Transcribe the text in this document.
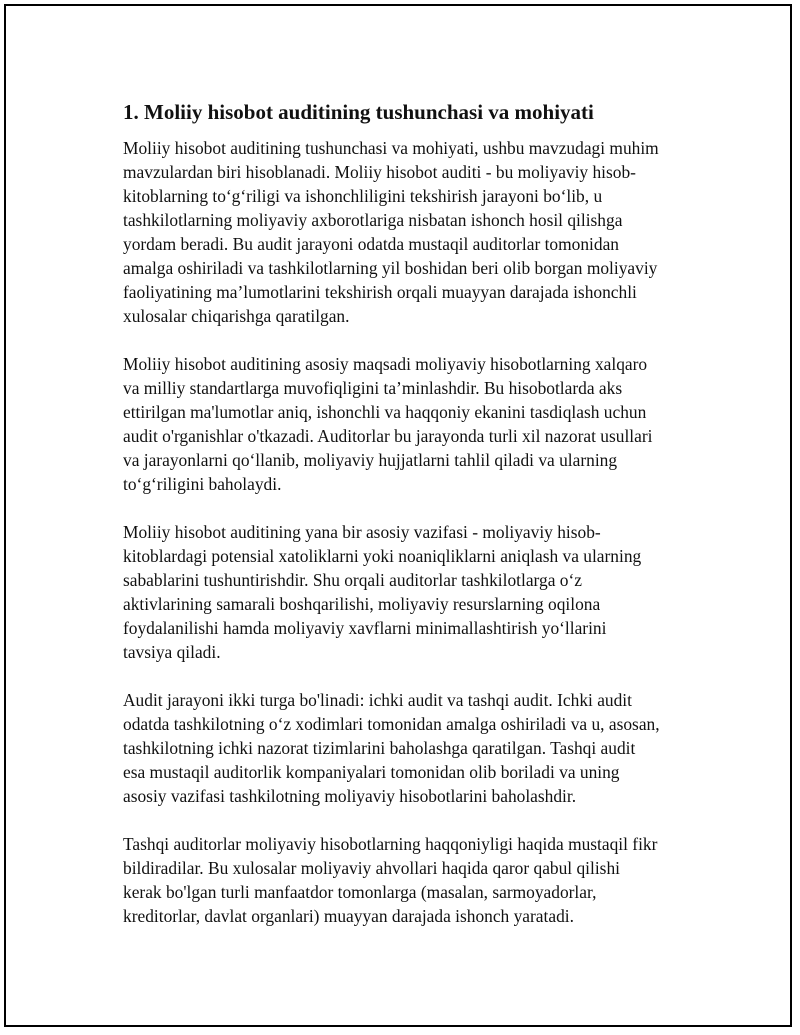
1. Moliiy hisobot auditining tushunchasi va mohiyati

Moliiy hisobot auditining tushunchasi va mohiyati, ushbu mavzudagi muhim
mavzulardan biri hisoblanadi. Moliiy hisobot auditi - bu moliyaviy hisob-
kitoblarning to‘g‘riligi va ishonchliligini tekshirish jarayoni bo‘lib, u
tashkilotlarning moliyaviy axborotlariga nisbatan ishonch hosil qilishga
yordam beradi. Bu audit jarayoni odatda mustaqil auditorlar tomonidan
amalga oshiriladi va tashkilotlarning yil boshidan beri olib borgan moliyaviy
faoliyatining ma’lumotlarini tekshirish orqali muayyan darajada ishonchli
xulosalar chiqarishga qaratilgan.

Moliiy hisobot auditining asosiy maqsadi moliyaviy hisobotlarning xalqaro
va milliy standartlarga muvofiqligini ta’minlashdir. Bu hisobotlarda aks
ettirilgan ma'lumotlar aniq, ishonchli va haqqoniy ekanini tasdiqlash uchun
audit o'rganishlar o'tkazadi. Auditorlar bu jarayonda turli xil nazorat usullari
va jarayonlarni qo‘llanib, moliyaviy hujjatlarni tahlil qiladi va ularning
to‘g‘riligini baholaydi.

Moliiy hisobot auditining yana bir asosiy vazifasi - moliyaviy hisob-
kitoblardagi potensial xatoliklarni yoki noaniqliklarni aniqlash va ularning
sabablarini tushuntirishdir. Shu orqali auditorlar tashkilotlarga o‘z
aktivlarining samarali boshqarilishi, moliyaviy resurslarning oqilona
foydalanilishi hamda moliyaviy xavflarni minimallashtirish yo‘llarini
tavsiya qiladi.

Audit jarayoni ikki turga bo'linadi: ichki audit va tashqi audit. Ichki audit
odatda tashkilotning o‘z xodimlari tomonidan amalga oshiriladi va u, asosan,
tashkilotning ichki nazorat tizimlarini baholashga qaratilgan. Tashqi audit
esa mustaqil auditorlik kompaniyalari tomonidan olib boriladi va uning
asosiy vazifasi tashkilotning moliyaviy hisobotlarini baholashdir.

Tashqi auditorlar moliyaviy hisobotlarning haqqoniyligi haqida mustaqil fikr
bildiradilar. Bu xulosalar moliyaviy ahvollari haqida qaror qabul qilishi
kerak bo'lgan turli manfaatdor tomonlarga (masalan, sarmoyadorlar,
kreditorlar, davlat organlari) muayyan darajada ishonch yaratadi.
